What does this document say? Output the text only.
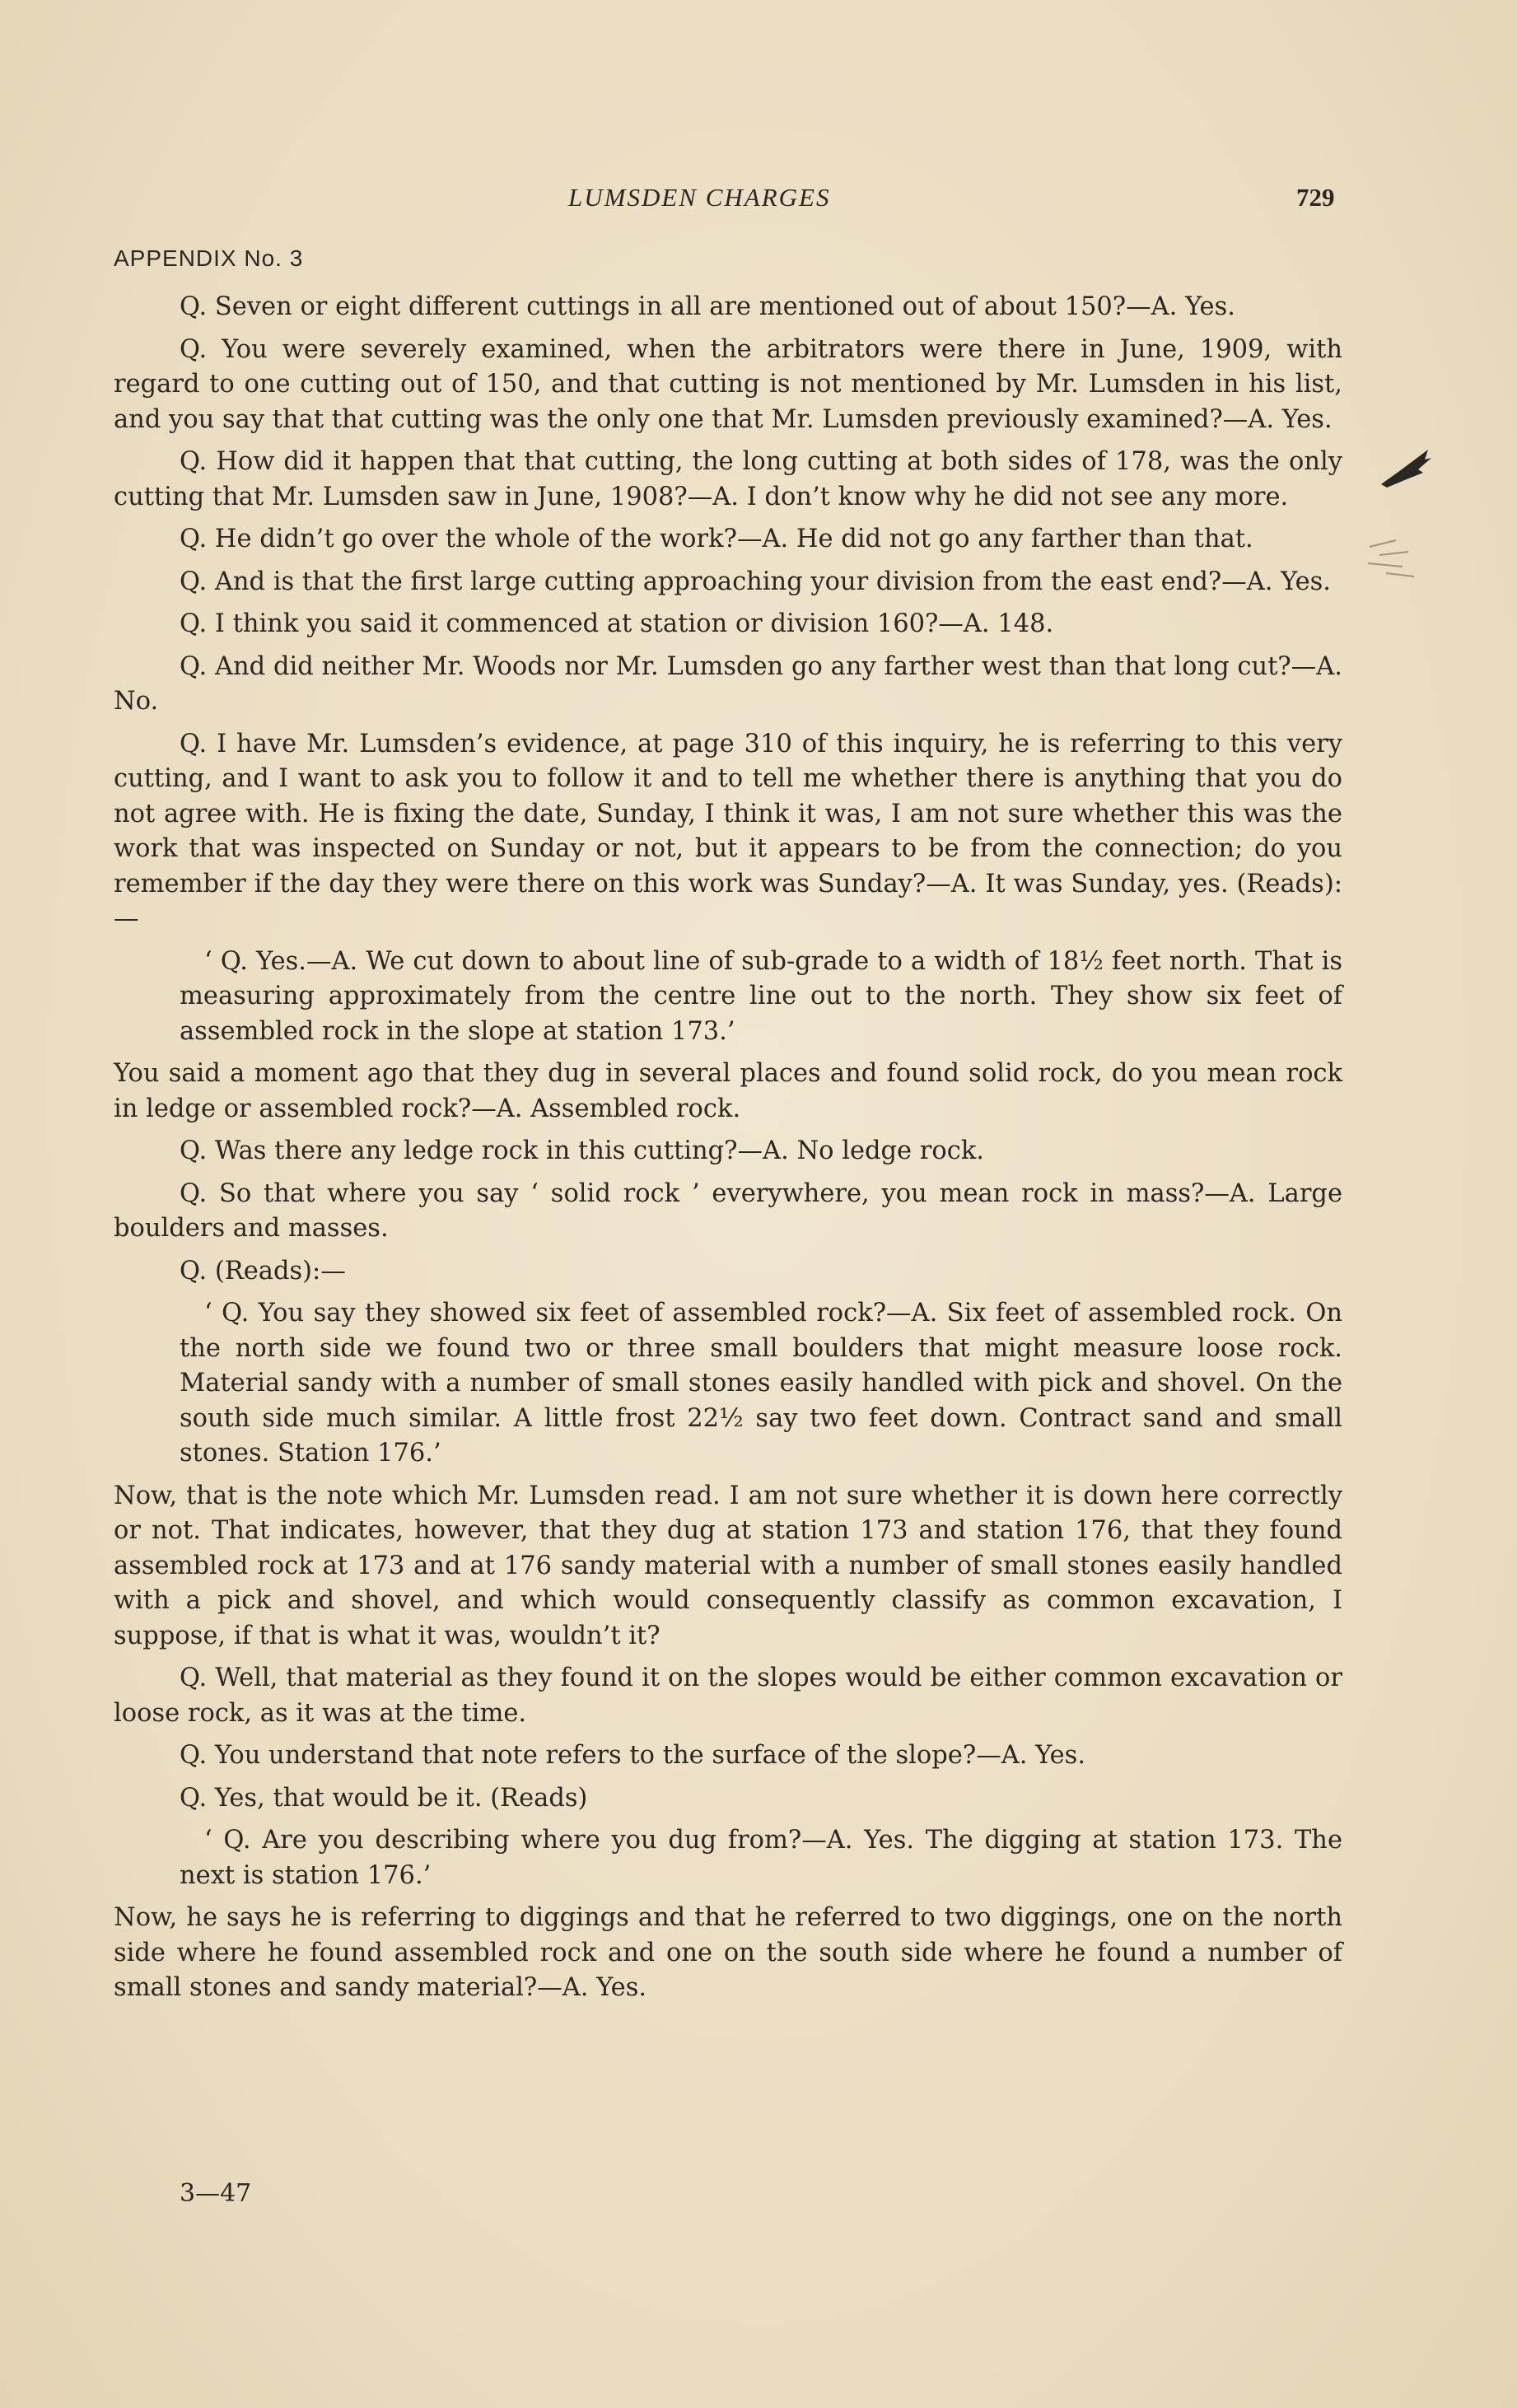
LUMSDEN CHARGES	729
APPENDIX No. 3

Q. Seven or eight different cuttings in all are mentioned out of about 150?—A. Yes.

Q. You were severely examined, when the arbitrators were there in June, 1909, with regard to one cutting out of 150, and that cutting is not mentioned by Mr. Lumsden in his list, and you say that that cutting was the only one that Mr. Lumsden previously examined?—A. Yes.

Q. How did it happen that that cutting, the long cutting at both sides of 178, was the only cutting that Mr. Lumsden saw in June, 1908?—A. I don’t know why he did not see any more.

Q. He didn’t go over the whole of the work?—A. He did not go any farther than that.

Q. And is that the first large cutting approaching your division from the east end?—A. Yes.

Q. I think you said it commenced at station or division 160?—A. 148.

Q. And did neither Mr. Woods nor Mr. Lumsden go any farther west than that long cut?—A. No.

Q. I have Mr. Lumsden’s evidence, at page 310 of this inquiry, he is referring to this very cutting, and I want to ask you to follow it and to tell me whether there is anything that you do not agree with. He is fixing the date, Sunday, I think it was, I am not sure whether this was the work that was inspected on Sunday or not, but it appears to be from the connection; do you remember if the day they were there on this work was Sunday?—A. It was Sunday, yes. (Reads):—

‘ Q. Yes.—A. We cut down to about line of sub-grade to a width of 18½ feet north. That is measuring approximately from the centre line out to the north. They show six feet of assembled rock in the slope at station 173.’

You said a moment ago that they dug in several places and found solid rock, do you mean rock in ledge or assembled rock?—A. Assembled rock.

Q. Was there any ledge rock in this cutting?—A. No ledge rock.

Q. So that where you say ‘ solid rock ’ everywhere, you mean rock in mass?—A. Large boulders and masses.

Q. (Reads):—

‘ Q. You say they showed six feet of assembled rock?—A. Six feet of assembled rock. On the north side we found two or three small boulders that might measure loose rock. Material sandy with a number of small stones easily handled with pick and shovel. On the south side much similar. A little frost 22½ say two feet down. Contract sand and small stones. Station 176.’

Now, that is the note which Mr. Lumsden read. I am not sure whether it is down here correctly or not. That indicates, however, that they dug at station 173 and station 176, that they found assembled rock at 173 and at 176 sandy material with a number of small stones easily handled with a pick and shovel, and which would consequently classify as common excavation, I suppose, if that is what it was, wouldn’t it?

Q. Well, that material as they found it on the slopes would be either common excavation or loose rock, as it was at the time.

Q. You understand that note refers to the surface of the slope?—A. Yes.

Q. Yes, that would be it. (Reads)

‘ Q. Are you describing where you dug from?—A. Yes. The digging at station 173. The next is station 176.’

Now, he says he is referring to diggings and that he referred to two diggings, one on the north side where he found assembled rock and one on the south side where he found a number of small stones and sandy material?—A. Yes.

3—47
